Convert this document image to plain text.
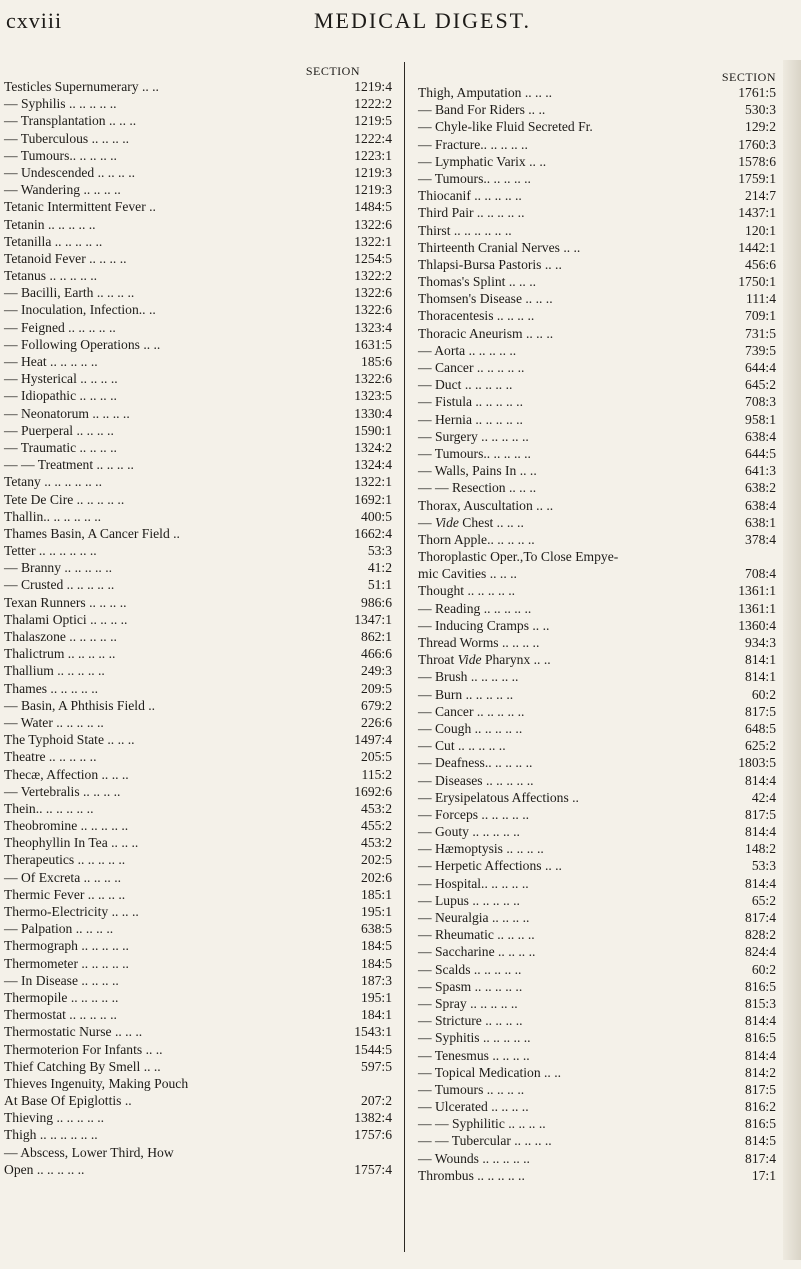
cxviii	MEDICAL DIGEST.
SECTION
Testicles Supernumerary .. ..	1219:4
— Syphilis .. .. .. .. ..	1222:2
— Transplantation .. .. ..	1219:5
— Tuberculous .. .. .. ..	1222:4
— Tumours.. .. .. .. ..	1223:1
— Undescended .. .. .. ..	1219:3
— Wandering .. .. .. ..	1219:3
Tetanic Intermittent Fever ..	1484:5
Tetanin .. .. .. .. ..	1322:6
Tetanilla .. .. .. .. ..	1322:1
Tetanoid Fever .. .. .. ..	1254:5
Tetanus .. .. .. .. ..	1322:2
— Bacilli, Earth .. .. .. ..	1322:6
— Inoculation, Infection.. ..	1322:6
— Feigned .. .. .. .. ..	1323:4
— Following Operations .. ..	1631:5
— Heat .. .. .. .. ..	185:6
— Hysterical .. .. .. ..	1322:6
— Idiopathic .. .. .. ..	1323:5
— Neonatorum .. .. .. ..	1330:4
— Puerperal .. .. .. ..	1590:1
— Traumatic .. .. .. ..	1324:2
— — Treatment .. .. .. ..	1324:4
Tetany .. .. .. .. .. ..	1322:1
Tete De Cire .. .. .. .. ..	1692:1
Thallin.. .. .. .. .. ..	400:5
Thames Basin, A Cancer Field ..	1662:4
Tetter .. .. .. .. .. ..	53:3
— Branny .. .. .. .. ..	41:2
— Crusted .. .. .. .. ..	51:1
Texan Runners .. .. .. ..	986:6
Thalami Optici .. .. .. ..	1347:1
Thalaszone .. .. .. .. ..	862:1
Thalictrum .. .. .. .. ..	466:6
Thallium .. .. .. .. ..	249:3
Thames .. .. .. .. ..	209:5
— Basin, A Phthisis Field ..	679:2
— Water .. .. .. .. ..	226:6
The Typhoid State .. .. ..	1497:4
Theatre .. .. .. .. ..	205:5
Thecæ, Affection .. .. ..	115:2
— Vertebralis .. .. .. ..	1692:6
Thein.. .. .. .. .. ..	453:2
Theobromine .. .. .. .. ..	455:2
Theophyllin In Tea .. .. ..	453:2
Therapeutics .. .. .. .. ..	202:5
— Of Excreta .. .. .. ..	202:6
Thermic Fever .. .. .. ..	185:1
Thermo-Electricity .. .. ..	195:1
— Palpation .. .. .. ..	638:5
Thermograph .. .. .. .. ..	184:5
Thermometer .. .. .. .. ..	184:5
— In Disease .. .. .. ..	187:3
Thermopile .. .. .. .. ..	195:1
Thermostat .. .. .. .. ..	184:1
Thermostatic Nurse .. .. ..	1543:1
Thermoterion For Infants .. ..	1544:5
Thief Catching By Smell .. ..	597:5
Thieves Ingenuity, Making Pouch
At Base Of Epiglottis ..	207:2
Thieving .. .. .. .. ..	1382:4
Thigh .. .. .. .. .. ..	1757:6
— Abscess, Lower Third, How
Open .. .. .. .. ..	1757:4
SECTION
Thigh, Amputation .. .. ..	1761:5
— Band For Riders .. ..	530:3
— Chyle-like Fluid Secreted Fr.	129:2
— Fracture.. .. .. .. ..	1760:3
— Lymphatic Varix .. ..	1578:6
— Tumours.. .. .. .. ..	1759:1
Thiocanif .. .. .. .. ..	214:7
Third Pair .. .. .. .. ..	1437:1
Thirst .. .. .. .. .. ..	120:1
Thirteenth Cranial Nerves .. ..	1442:1
Thlapsi-Bursa Pastoris .. ..	456:6
Thomas's Splint .. .. ..	1750:1
Thomsen's Disease .. .. ..	111:4
Thoracentesis .. .. .. ..	709:1
Thoracic Aneurism .. .. ..	731:5
— Aorta .. .. .. .. ..	739:5
— Cancer .. .. .. .. ..	644:4
— Duct .. .. .. .. ..	645:2
— Fistula .. .. .. .. ..	708:3
— Hernia .. .. .. .. ..	958:1
— Surgery .. .. .. .. ..	638:4
— Tumours.. .. .. .. ..	644:5
— Walls, Pains In .. ..	641:3
— — Resection .. .. ..	638:2
Thorax, Auscultation .. ..	638:4
— Vide Chest .. .. ..	638:1
Thorn Apple.. .. .. .. ..	378:4
Thoroplastic Oper.,To Close Empye-
mic Cavities .. .. ..	708:4
Thought .. .. .. .. ..	1361:1
— Reading .. .. .. .. ..	1361:1
— Inducing Cramps .. ..	1360:4
Thread Worms .. .. .. ..	934:3
Throat Vide Pharynx .. ..	814:1
— Brush .. .. .. .. ..	814:1
— Burn .. .. .. .. ..	60:2
— Cancer .. .. .. .. ..	817:5
— Cough .. .. .. .. ..	648:5
— Cut .. .. .. .. ..	625:2
— Deafness.. .. .. .. ..	1803:5
— Diseases .. .. .. .. ..	814:4
— Erysipelatous Affections ..	42:4
— Forceps .. .. .. .. ..	817:5
— Gouty .. .. .. .. ..	814:4
— Hæmoptysis .. .. .. ..	148:2
— Herpetic Affections .. ..	53:3
— Hospital.. .. .. .. ..	814:4
— Lupus .. .. .. .. ..	65:2
— Neuralgia .. .. .. ..	817:4
— Rheumatic .. .. .. ..	828:2
— Saccharine .. .. .. ..	824:4
— Scalds .. .. .. .. ..	60:2
— Spasm .. .. .. .. ..	816:5
— Spray .. .. .. .. ..	815:3
— Stricture .. .. .. ..	814:4
— Syphitis .. .. .. .. ..	816:5
— Tenesmus .. .. .. ..	814:4
— Topical Medication .. ..	814:2
— Tumours .. .. .. ..	817:5
— Ulcerated .. .. .. ..	816:2
— — Syphilitic .. .. .. ..	816:5
— — Tubercular .. .. .. ..	814:5
— Wounds .. .. .. .. ..	817:4
Thrombus .. .. .. .. ..	17:1
